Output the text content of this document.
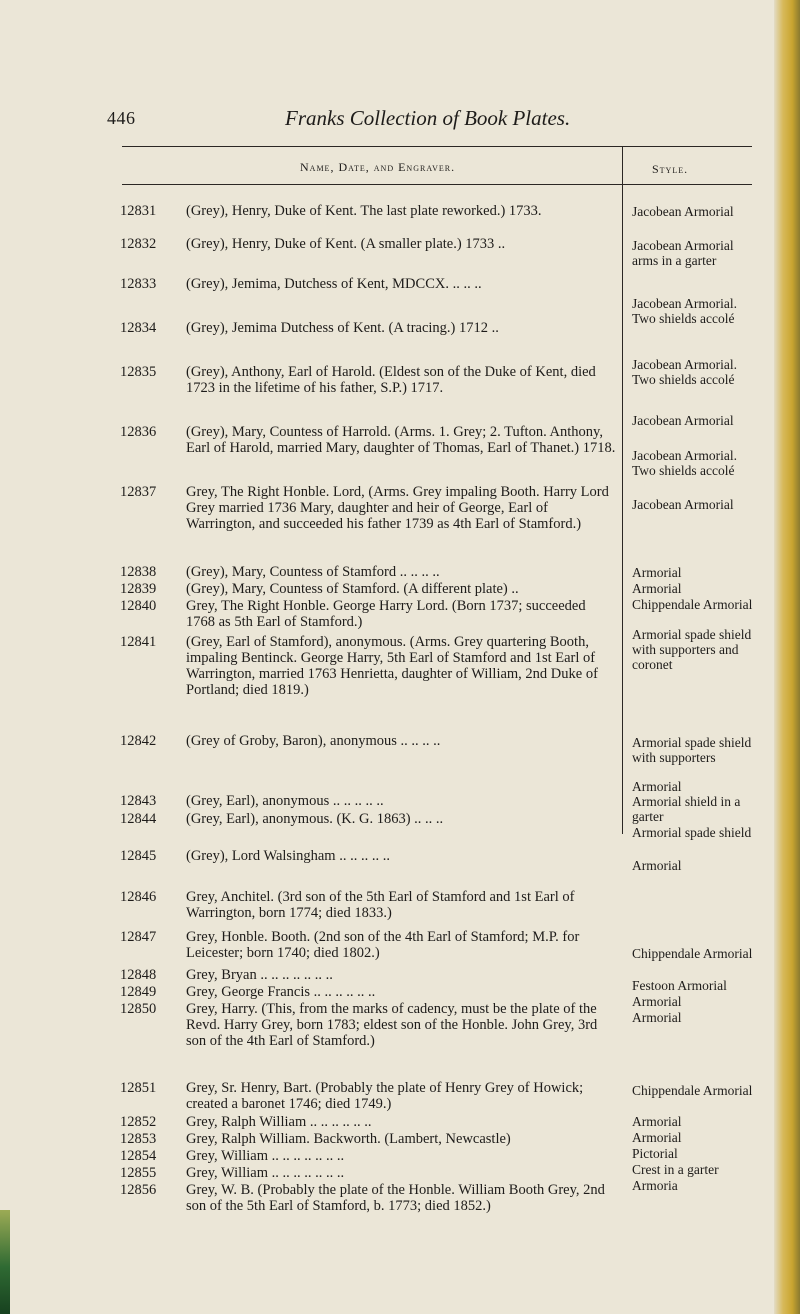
446	Franks Collection of Book Plates.
Name, Date, and Engraver.	Style.
12831 (Grey), Henry, Duke of Kent. The last plate reworked.) 1733.
12832 (Grey), Henry, Duke of Kent. (A smaller plate.) 1733 ..
12833 (Grey), Jemima, Dutchess of Kent, MDCCX. .. .. ..
12834 (Grey), Jemima Dutchess of Kent. (A tracing.) 1712 ..
12835 (Grey), Anthony, Earl of Harold. (Eldest son of the Duke of Kent, died 1723 in the lifetime of his father, S.P.) 1717.
12836 (Grey), Mary, Countess of Harrold. (Arms. 1. Grey; 2. Tufton. Anthony, Earl of Harold, married Mary, daughter of Thomas, Earl of Thanet.) 1718.
12837 Grey, The Right Honble. Lord, (Arms. Grey impaling Booth. Harry Lord Grey married 1736 Mary, daughter and heir of George, Earl of Warrington, and succeeded his father 1739 as 4th Earl of Stamford.)
12838 (Grey), Mary, Countess of Stamford .. .. .. ..
12839 (Grey), Mary, Countess of Stamford. (A different plate) ..
12840 Grey, The Right Honble. George Harry Lord. (Born 1737; succeeded 1768 as 5th Earl of Stamford.)
12841 (Grey, Earl of Stamford), anonymous. (Arms. Grey quartering Booth, impaling Bentinck. George Harry, 5th Earl of Stamford and 1st Earl of Warrington, married 1763 Henrietta, daughter of William, 2nd Duke of Portland; died 1819.)
12842 (Grey of Groby, Baron), anonymous .. .. .. ..
12843 (Grey, Earl), anonymous .. .. .. .. ..
12844 (Grey, Earl), anonymous. (K. G. 1863) .. .. ..
12845 (Grey), Lord Walsingham .. .. .. .. ..
12846 Grey, Anchitel. (3rd son of the 5th Earl of Stamford and 1st Earl of Warrington, born 1774; died 1833.)
12847 Grey, Honble. Booth. (2nd son of the 4th Earl of Stamford; M.P. for Leicester; born 1740; died 1802.)
12848 Grey, Bryan .. .. .. .. .. .. ..
12849 Grey, George Francis .. .. .. .. .. ..
12850 Grey, Harry. (This, from the marks of cadency, must be the plate of the Revd. Harry Grey, born 1783; eldest son of the Honble. John Grey, 3rd son of the 4th Earl of Stamford.)
12851 Grey, Sr. Henry, Bart. (Probably the plate of Henry Grey of Howick; created a baronet 1746; died 1749.)
12852 Grey, Ralph William .. .. .. .. .. ..
12853 Grey, Ralph William. Backworth. (Lambert, Newcastle)
12854 Grey, William .. .. .. .. .. .. ..
12855 Grey, William .. .. .. .. .. .. ..
12856 Grey, W. B. (Probably the plate of the Honble. William Booth Grey, 2nd son of the 5th Earl of Stamford, b. 1773; died 1852.)
Jacobean Armorial
Jacobean Armorial arms in a garter
Jacobean Armorial. Two shields accolé
Jacobean Armorial. Two shields accolé
Jacobean Armorial
Jacobean Armorial. Two shields accolé
Jacobean Armorial
Armorial
Armorial
Chippendale Armorial
Armorial spade shield with supporters and coronet
Armorial spade shield with supporters
Armorial
Armorial shield in a garter
Armorial spade shield
Armorial
Chippendale Armorial
Festoon Armorial
Armorial
Armorial
Chippendale Armorial
Armorial
Armorial
Pictorial
Crest in a garter
Armoria
